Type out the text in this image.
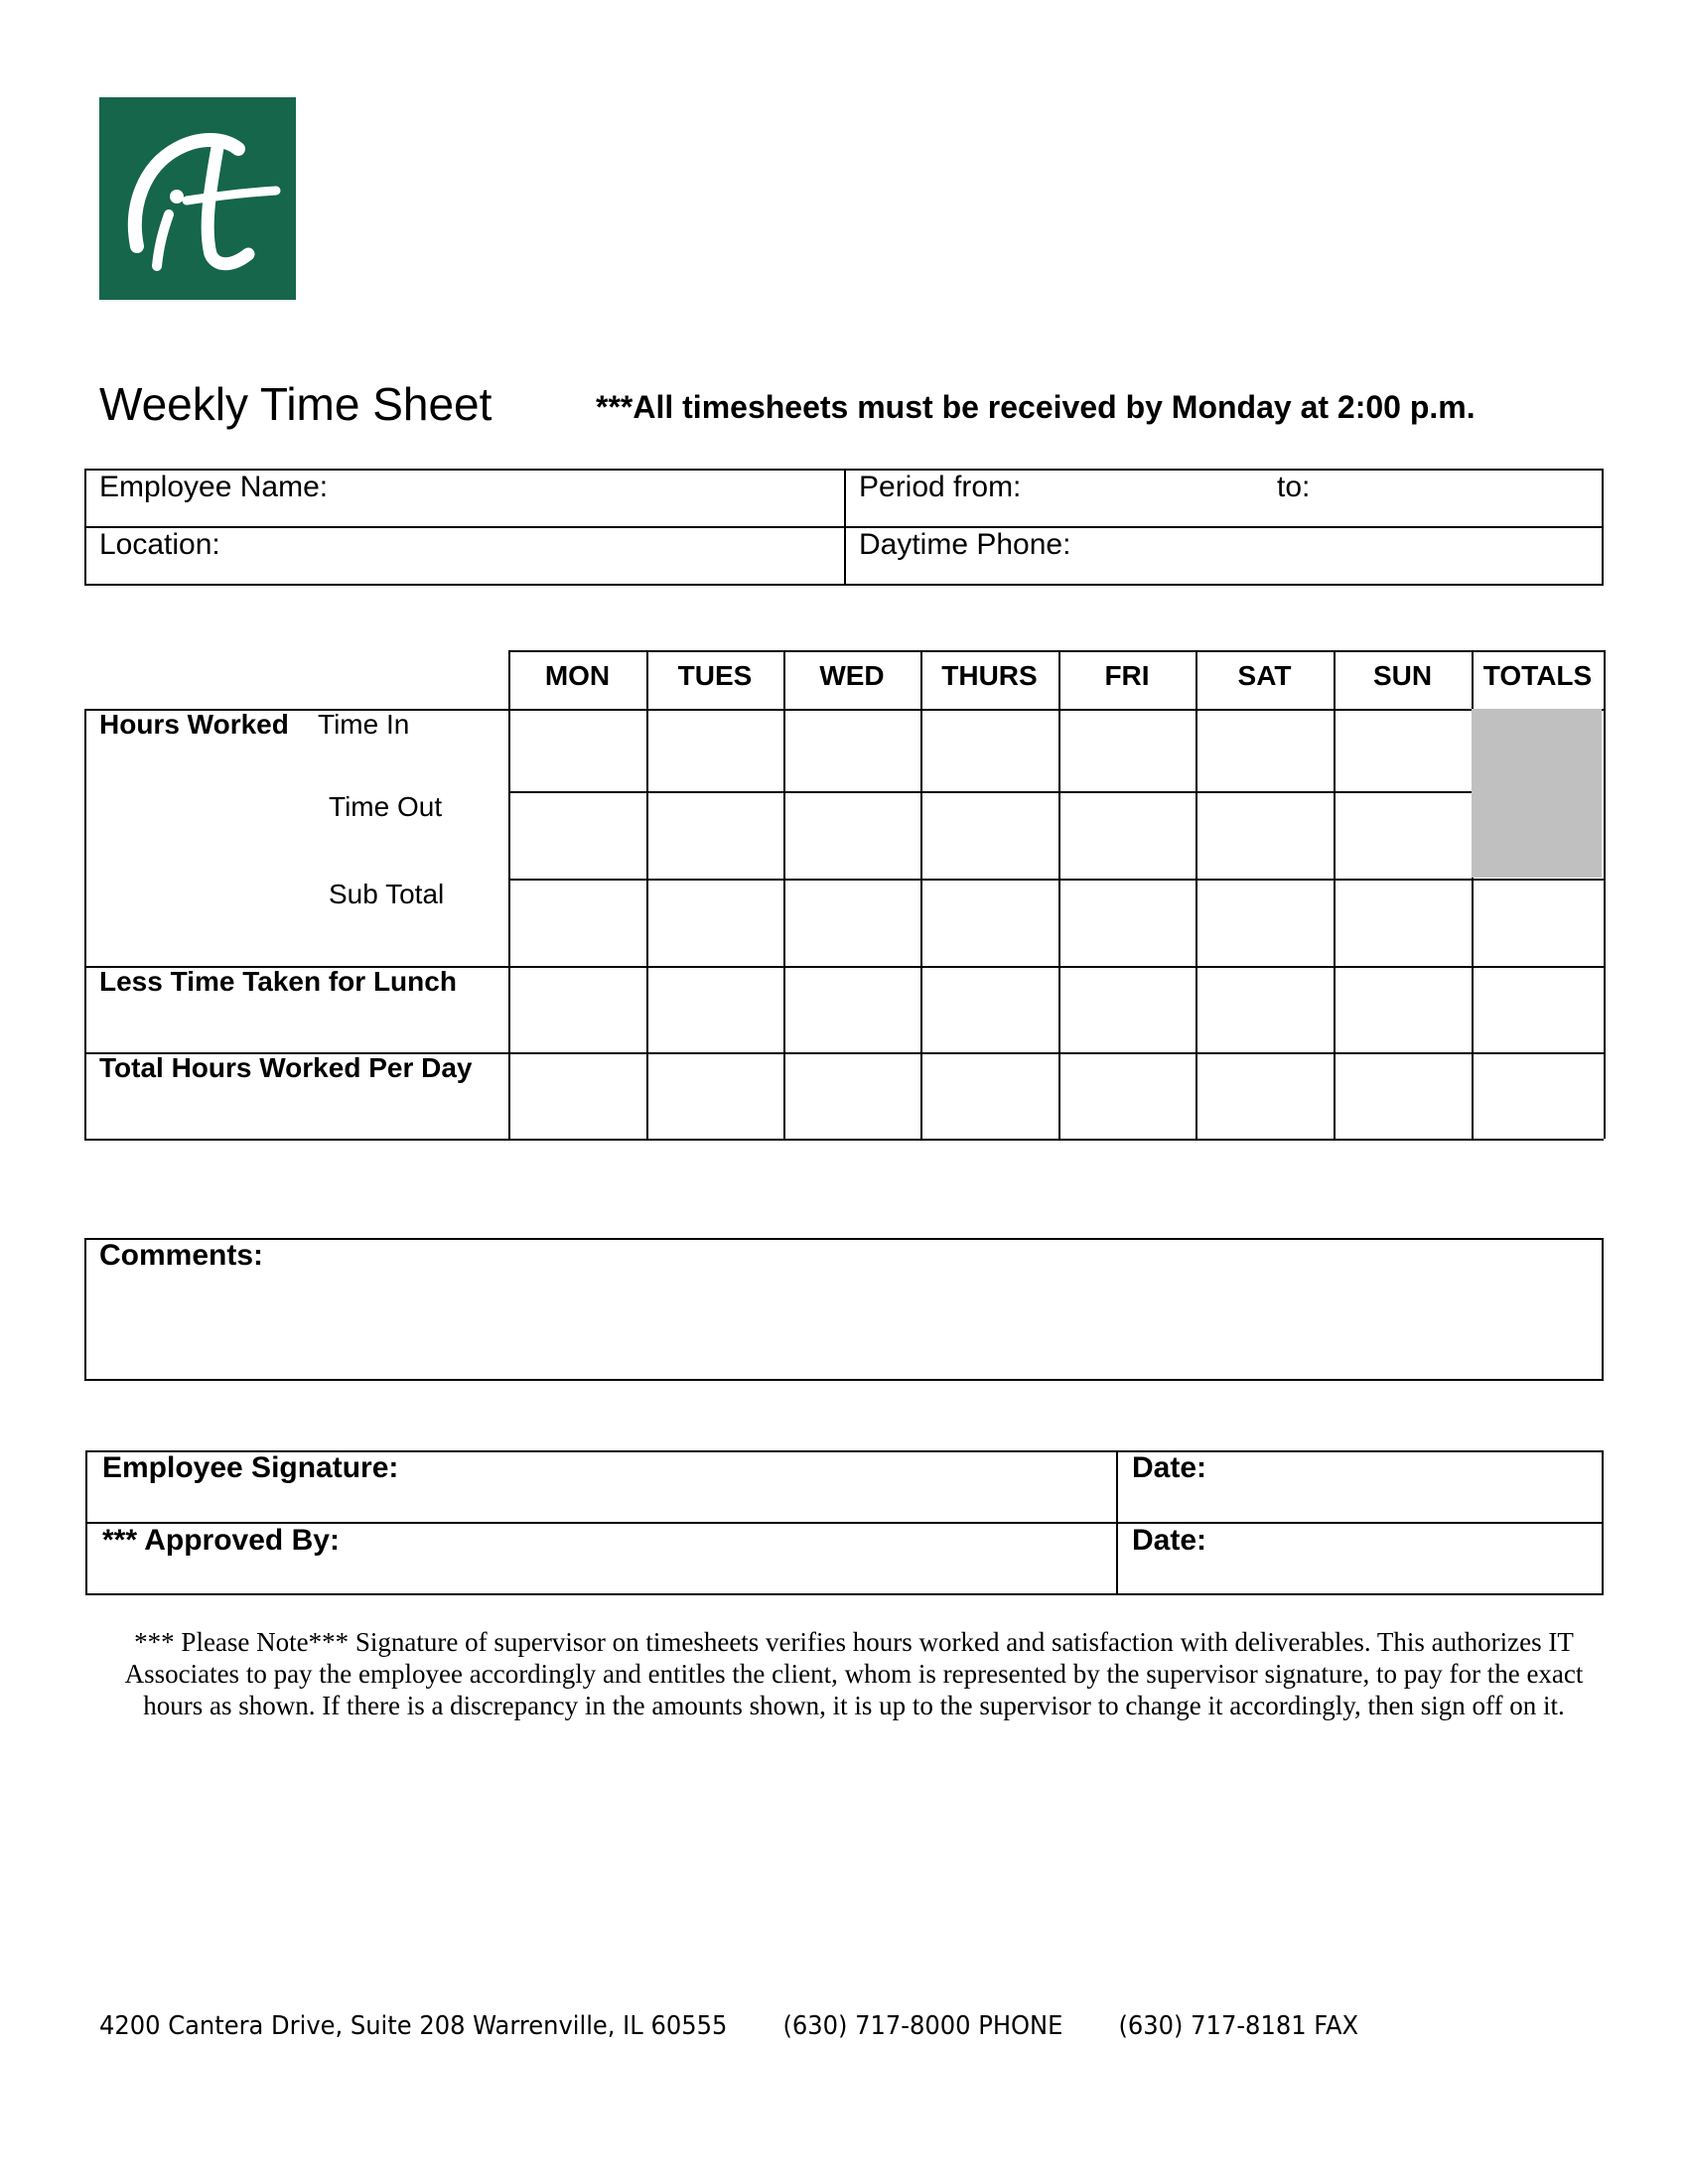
Weekly Time Sheet	***All timesheets must be received by Monday at 2:00 p.m.
Employee Name:	Period from:	to:
Location:	Daytime Phone:
MON	TUES	WED	THURS	FRI	SAT	SUN	TOTALS
Hours Worked Time In
Time Out
Sub Total
Less Time Taken for Lunch
Total Hours Worked Per Day
Comments:
Employee Signature:	Date:
*** Approved By:	Date:
*** Please Note*** Signature of supervisor on timesheets verifies hours worked and satisfaction with deliverables. This authorizes IT Associates to pay the employee accordingly and entitles the client, whom is represented by the supervisor signature, to pay for the exact hours as shown. If there is a discrepancy in the amounts shown, it is up to the supervisor to change it accordingly, then sign off on it.
4200 Cantera Drive, Suite 208 Warrenville, IL 60555 (630) 717-8000 PHONE (630) 717-8181 FAX
